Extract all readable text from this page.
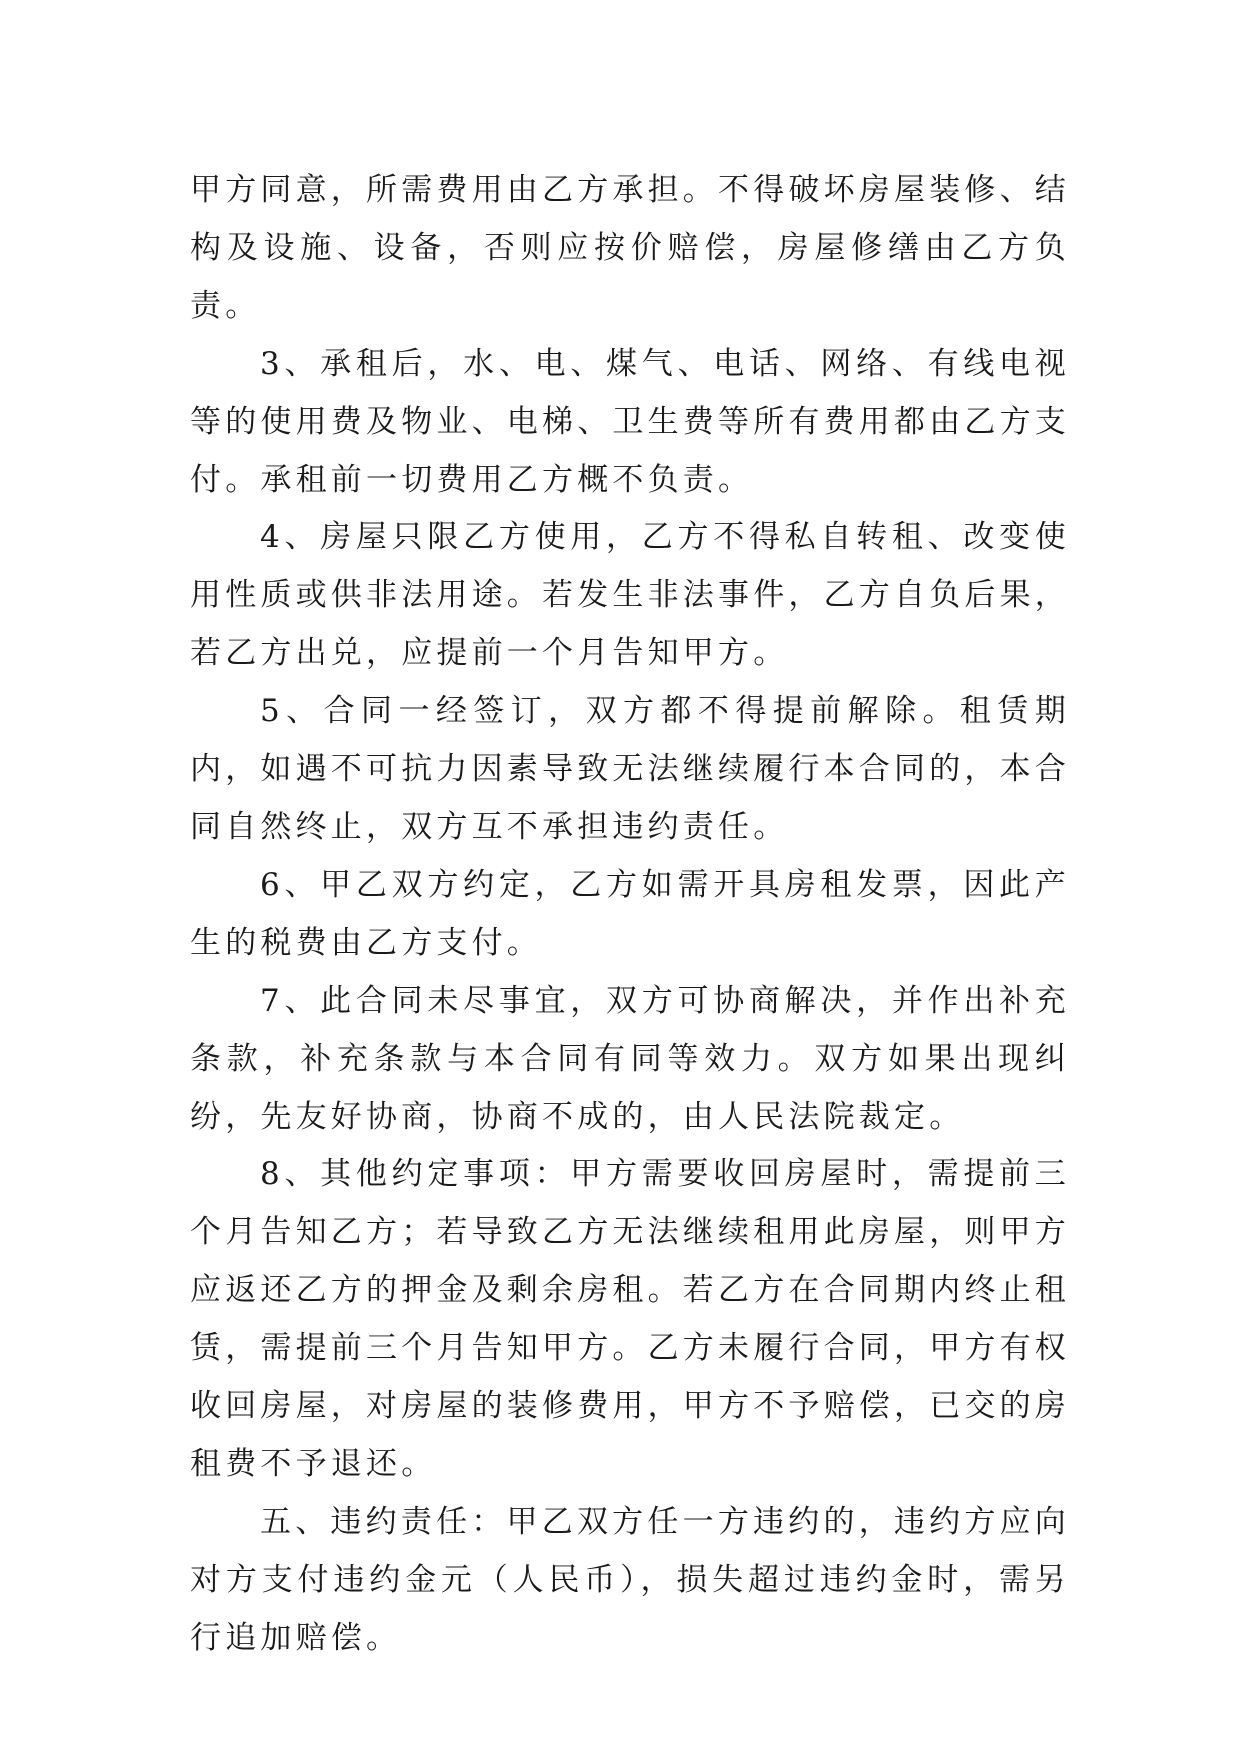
甲方同意，所需费用由乙方承担。不得破坏房屋装修、结构及设施、设备，否则应按价赔偿，房屋修缮由乙方负责。

3、承租后，水、电、煤气、电话、网络、有线电视等的使用费及物业、电梯、卫生费等所有费用都由乙方支付。承租前一切费用乙方概不负责。

4、房屋只限乙方使用，乙方不得私自转租、改变使用性质或供非法用途。若发生非法事件，乙方自负后果，若乙方出兑，应提前一个月告知甲方。

5、合同一经签订，双方都不得提前解除。租赁期内，如遇不可抗力因素导致无法继续履行本合同的，本合同自然终止，双方互不承担违约责任。

6、甲乙双方约定，乙方如需开具房租发票，因此产生的税费由乙方支付。

7、此合同未尽事宜，双方可协商解决，并作出补充条款，补充条款与本合同有同等效力。双方如果出现纠纷，先友好协商，协商不成的，由人民法院裁定。

8、其他约定事项：甲方需要收回房屋时，需提前三个月告知乙方；若导致乙方无法继续租用此房屋，则甲方应返还乙方的押金及剩余房租。若乙方在合同期内终止租赁，需提前三个月告知甲方。乙方未履行合同，甲方有权收回房屋，对房屋的装修费用，甲方不予赔偿，已交的房租费不予退还。

五、违约责任：甲乙双方任一方违约的，违约方应向对方支付违约金元（人民币），损失超过违约金时，需另行追加赔偿。
